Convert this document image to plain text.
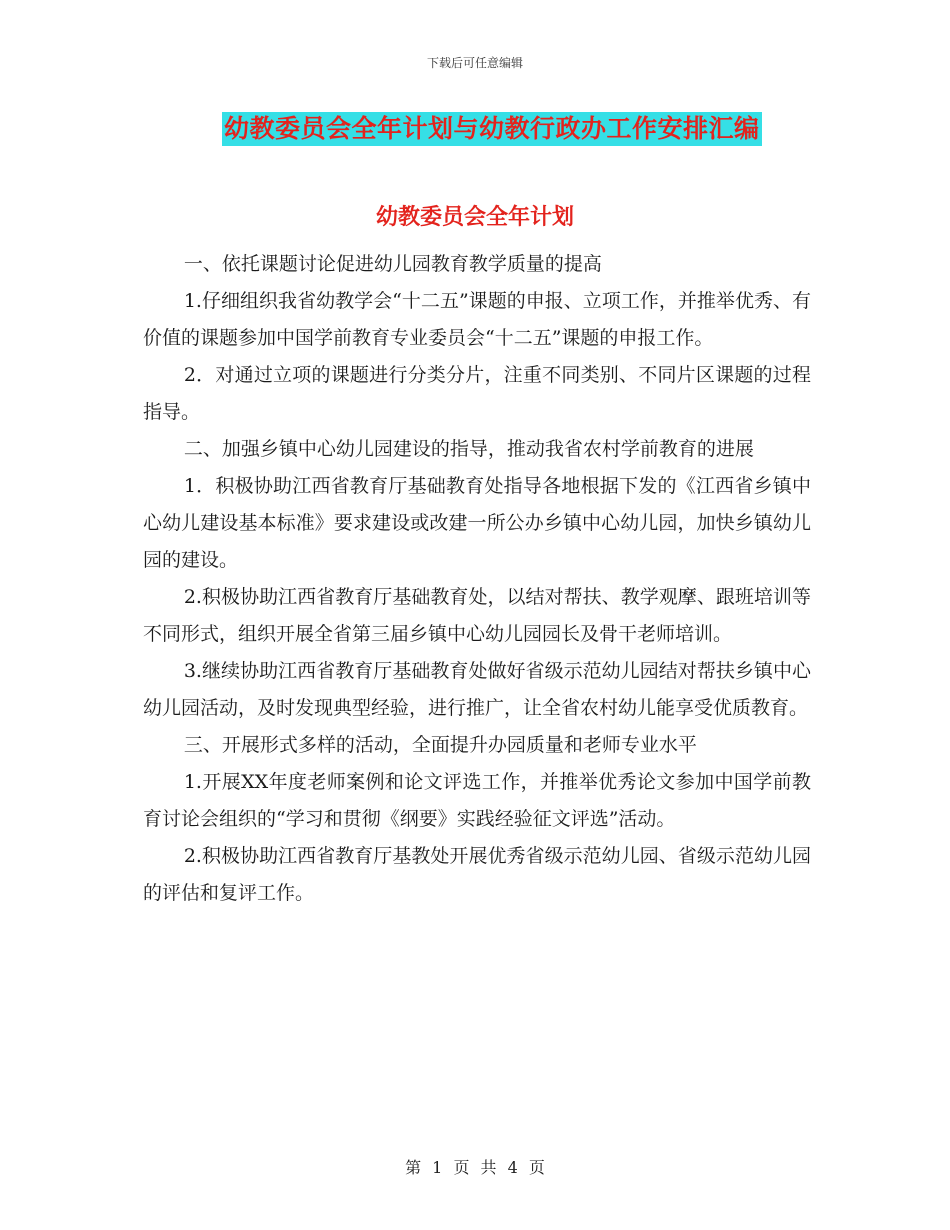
下载后可任意编辑
幼教委员会全年计划与幼教行政办工作安排汇编
幼教委员会全年计划

一、依托课题讨论促进幼儿园教育教学质量的提高

1.仔细组织我省幼教学会“十二五”课题的申报、立项工作，并推举优秀、有价值的课题参加中国学前教育专业委员会“十二五”课题的申报工作。

2．对通过立项的课题进行分类分片，注重不同类别、不同片区课题的过程指导。

二、加强乡镇中心幼儿园建设的指导，推动我省农村学前教育的进展

1．积极协助江西省教育厅基础教育处指导各地根据下发的《江西省乡镇中心幼儿建设基本标准》要求建设或改建一所公办乡镇中心幼儿园，加快乡镇幼儿园的建设。

2.积极协助江西省教育厅基础教育处，以结对帮扶、教学观摩、跟班培训等不同形式，组织开展全省第三届乡镇中心幼儿园园长及骨干老师培训。

3.继续协助江西省教育厅基础教育处做好省级示范幼儿园结对帮扶乡镇中心幼儿园活动，及时发现典型经验，进行推广，让全省农村幼儿能享受优质教育。

三、开展形式多样的活动，全面提升办园质量和老师专业水平

1.开展XX年度老师案例和论文评选工作，并推举优秀论文参加中国学前教育讨论会组织的“学习和贯彻《纲要》实践经验征文评选”活动。

2.积极协助江西省教育厅基教处开展优秀省级示范幼儿园、省级示范幼儿园的评估和复评工作。

第 1 页 共 4 页
